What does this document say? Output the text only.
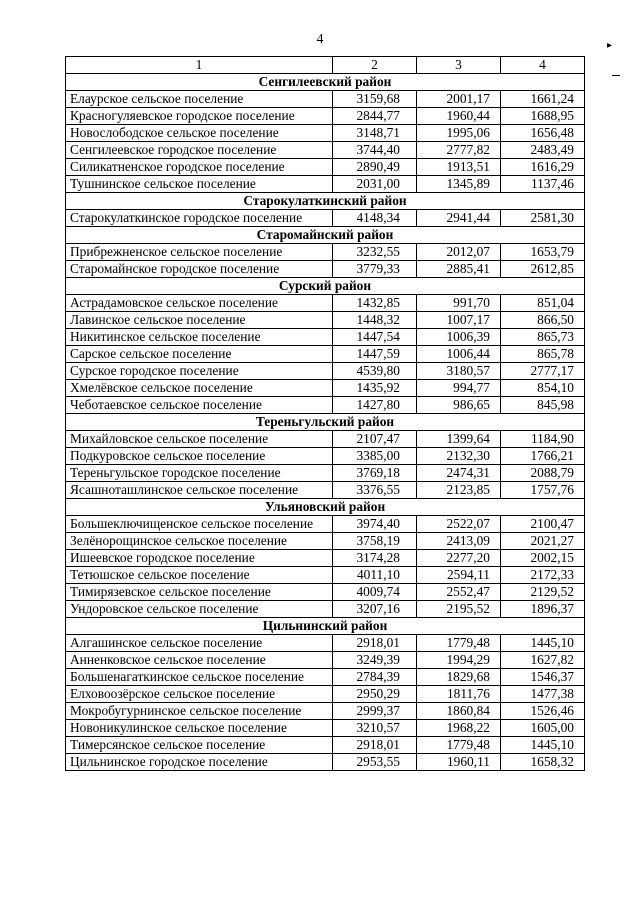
4	▸
1	2	3	4
Сенгилеевский район			
Елаурское сельское поселение	3159,68	2001,17	1661,24
Красногуляевское городское поселение	2844,77	1960,44	1688,95
Новослободское сельское поселение	3148,71	1995,06	1656,48
Сенгилеевское городское поселение	3744,40	2777,82	2483,49
Силикатненское городское поселение	2890,49	1913,51	1616,29
Тушнинское сельское поселение	2031,00	1345,89	1137,46
Старокулаткинский район			
Старокулаткинское городское поселение	4148,34	2941,44	2581,30
Старомайнский район			
Прибрежненское сельское поселение	3232,55	2012,07	1653,79
Старомайнское городское поселение	3779,33	2885,41	2612,85
Сурский район			
Астрадамовское сельское поселение	1432,85	991,70	851,04
Лавинское сельское поселение	1448,32	1007,17	866,50
Никитинское сельское поселение	1447,54	1006,39	865,73
Сарское сельское поселение	1447,59	1006,44	865,78
Сурское городское поселение	4539,80	3180,57	2777,17
Хмелёвское сельское поселение	1435,92	994,77	854,10
Чеботаевское сельское поселение	1427,80	986,65	845,98
Тереньгульский район			
Михайловское сельское поселение	2107,47	1399,64	1184,90
Подкуровское сельское поселение	3385,00	2132,30	1766,21
Тереньгульское городское поселение	3769,18	2474,31	2088,79
Ясашноташлинское сельское поселение	3376,55	2123,85	1757,76
Ульяновский район			
Большеключищенское сельское поселение	3974,40	2522,07	2100,47
Зелёнорощинское сельское поселение	3758,19	2413,09	2021,27
Ишеевское городское поселение	3174,28	2277,20	2002,15
Тетюшское сельское поселение	4011,10	2594,11	2172,33
Тимирязевское сельское поселение	4009,74	2552,47	2129,52
Ундоровское сельское поселение	3207,16	2195,52	1896,37
Цильнинский район			
Алгашинское сельское поселение	2918,01	1779,48	1445,10
Анненковское сельское поселение	3249,39	1994,29	1627,82
Большенагаткинское сельское поселение	2784,39	1829,68	1546,37
Елховоозёрское сельское поселение	2950,29	1811,76	1477,38
Мокробугурнинское сельское поселение	2999,37	1860,84	1526,46
Новоникулинское сельское поселение	3210,57	1968,22	1605,00
Тимерсянское сельское поселение	2918,01	1779,48	1445,10
Цильнинское городское поселение	2953,55	1960,11	1658,32
